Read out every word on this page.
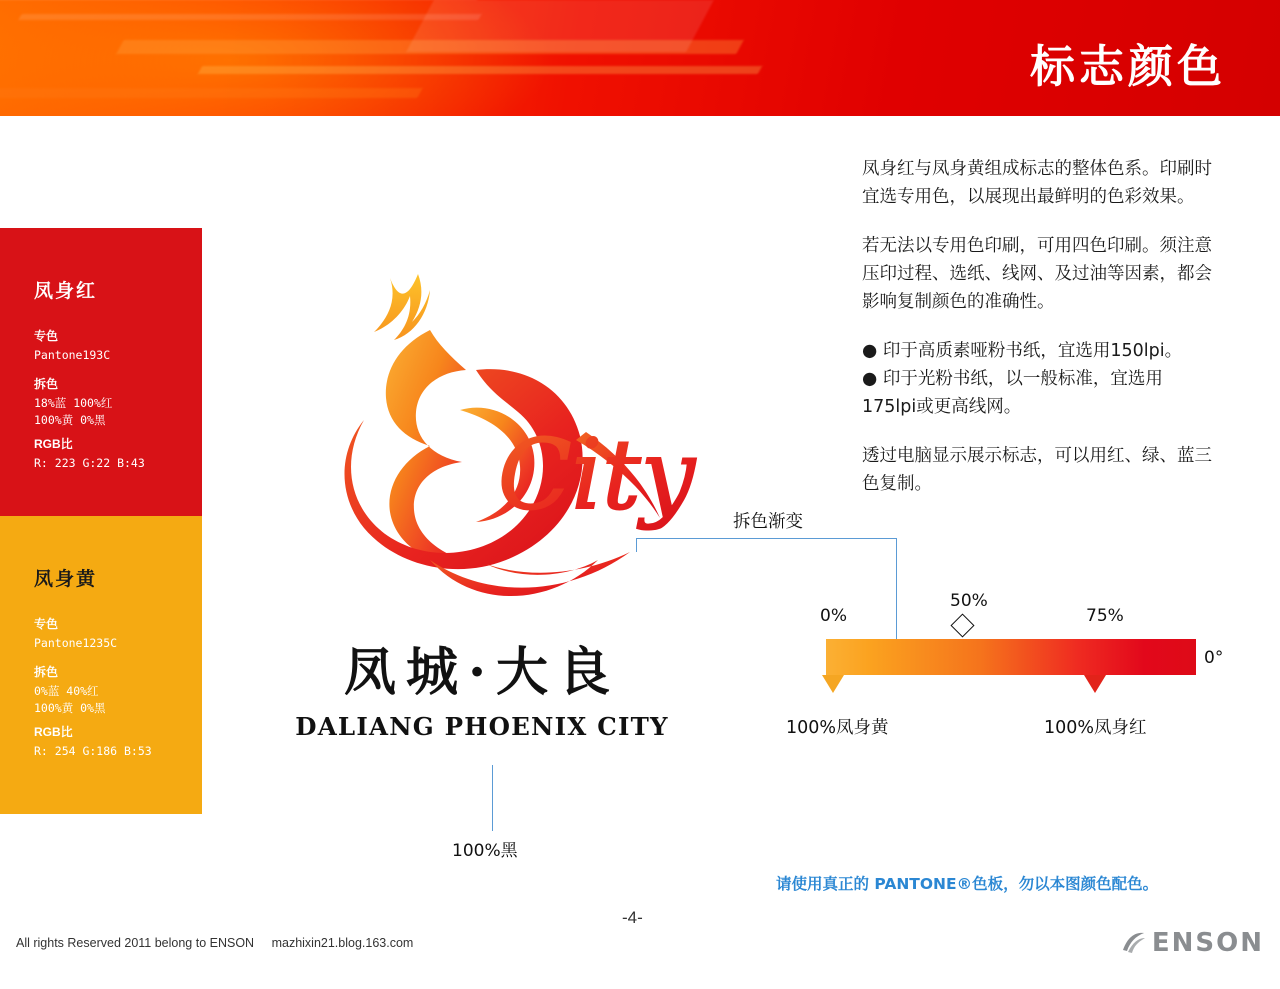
标志颜色
凤身红
专色
Pantone193C
拆色
18%蓝 100%红
100%黄 0%黑
RGB比
R: 223 G:22 B:43
凤身黄
专色
Pantone1235C
拆色
0%蓝 40%红
100%黄 0%黑
RGB比
R: 254 G:186 B:53

凤身红与凤身黄组成标志的整体色系。印刷时宜选专用色，以展现出最鲜明的色彩效果。

若无法以专用色印刷，可用四色印刷。须注意压印过程、选纸、线网、及过油等因素，都会影响复制颜色的准确性。

● 印于高质素哑粉书纸，宜选用150lpi。

● 印于光粉书纸，以一般标准，宜选用175lpi或更高线网。

透过电脑显示展示标志，可以用红、绿、蓝三色复制。

City
凤城·大良
DALIANG PHOENIX CITY
100%黑
拆色渐变
0%
50%
75%
0°
100%凤身黄	100%凤身红
请使用真正的 PANTONE®色板，勿以本图颜色配色。
All rights Reserved 2011 belong to ENSON mazhixin21.blog.163.com
-4-
ENSON
